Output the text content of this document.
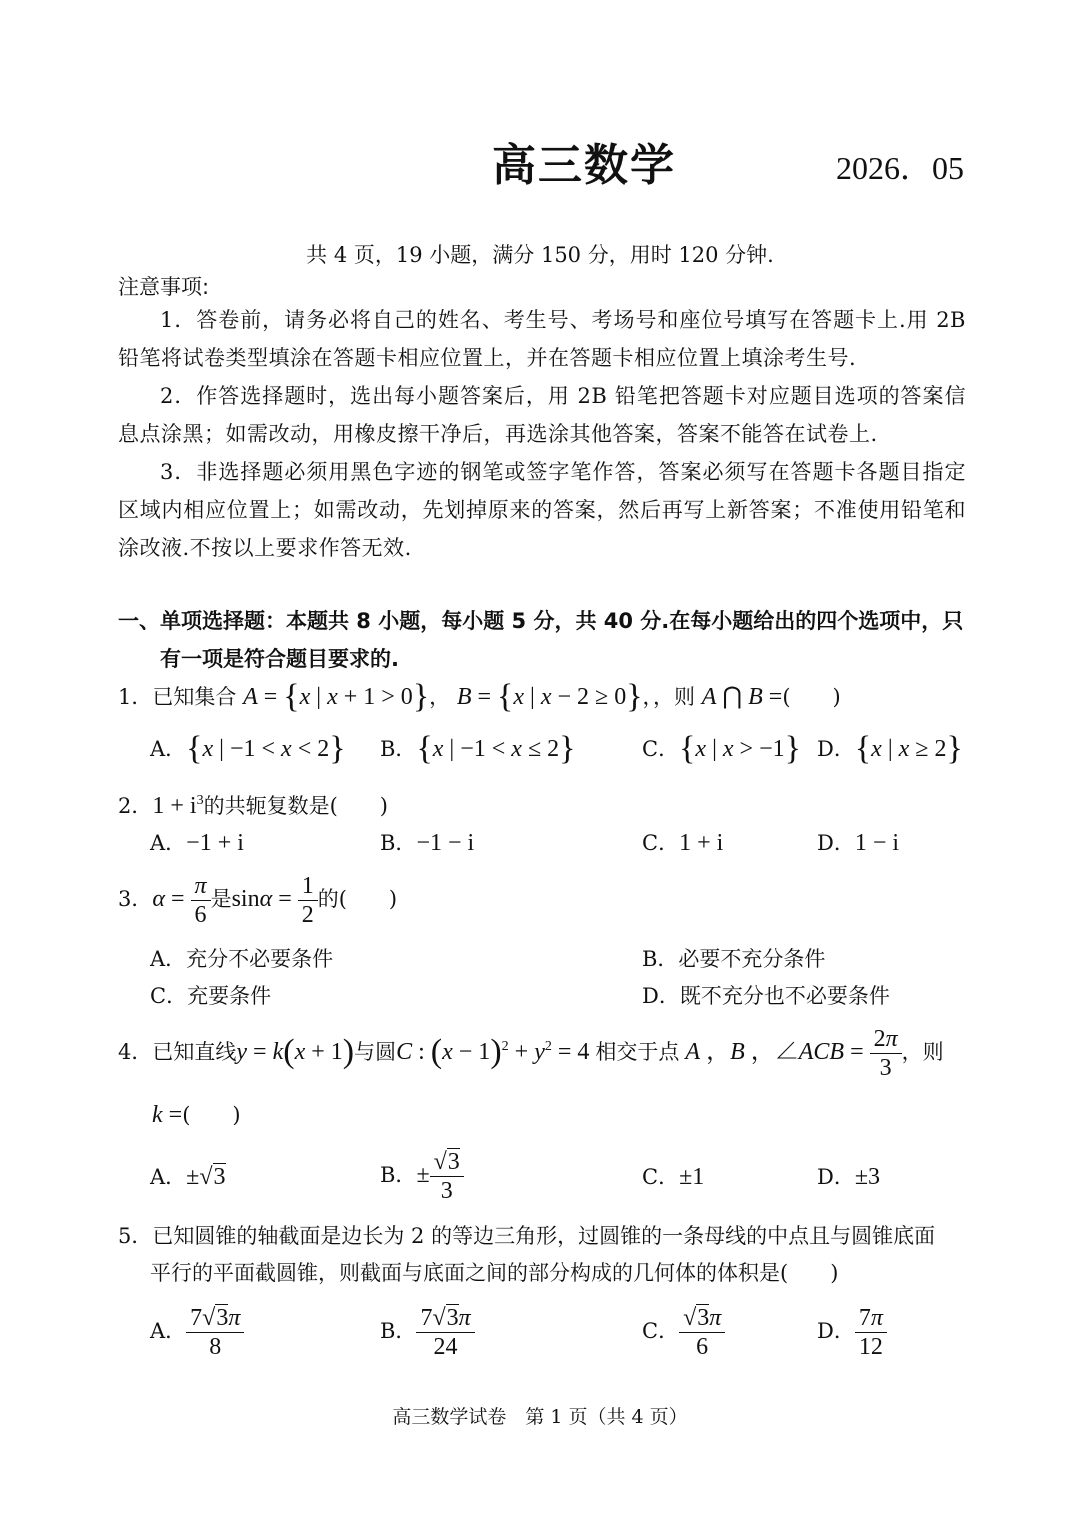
高三数学	2026．05
共 4 页，19 小题，满分 150 分，用时 120 分钟.
注意事项:
1．答卷前，请务必将自己的姓名、考生号、考场号和座位号填写在答题卡上.用 2B 铅笔将试卷类型填涂在答题卡相应位置上，并在答题卡相应位置上填涂考生号.
2．作答选择题时，选出每小题答案后，用 2B 铅笔把答题卡对应题目选项的答案信息点涂黑；如需改动，用橡皮擦干净后，再选涂其他答案，答案不能答在试卷上.
3．非选择题必须用黑色字迹的钢笔或签字笔作答，答案必须写在答题卡各题目指定区域内相应位置上；如需改动，先划掉原来的答案，然后再写上新答案；不准使用铅笔和涂改液.不按以上要求作答无效.
一、单项选择题：本题共 8 小题，每小题 5 分，共 40 分.在每小题给出的四个选项中，只
有一项是符合题目要求的.
1．已知集合 A = {x | x + 1 > 0}， B = {x | x − 2 ≥ 0}，，则 A ⋂ B =(　　)
A．{x | −1 < x < 2} B．{x | −1 < x ≤ 2}	C．{x | x > −1} D．{x | x ≥ 2}
2．$1 + i^3$的共轭复数是(　　)
A．−1 + i	B．−1 − i	C．1 + i	D．1 − i
3．$\alpha = \frac{\pi}{6}$ 是$\sin\alpha = \frac{1}{2}$ 的(　　)
A．充分不必要条件	B．必要不充分条件
C．充要条件	D．既不充分也不必要条件
4．已知直线y = k(x + 1)与圆C : $(x - 1)^2 + y^2 = 4$ 相交于点 A ，B ，∠ACB = $\frac{2\pi}{3}$ ，则
k =(　　)
A．±√3	B．± $\frac{√3}{3}$	C．±1	D．±3
5．已知圆锥的轴截面是边长为 2 的等边三角形，过圆锥的一条母线的中点且与圆锥底面
平行的平面截圆锥，则截面与底面之间的部分构成的几何体的体积是(　　)
A． $\frac{7√3\pi}{8}$	B． $\frac{7√3\pi}{24}$	C． $\frac{√3\pi}{6}$	D． $\frac{7\pi}{12}$
高三数学试卷　第 1 页（共 4 页）
